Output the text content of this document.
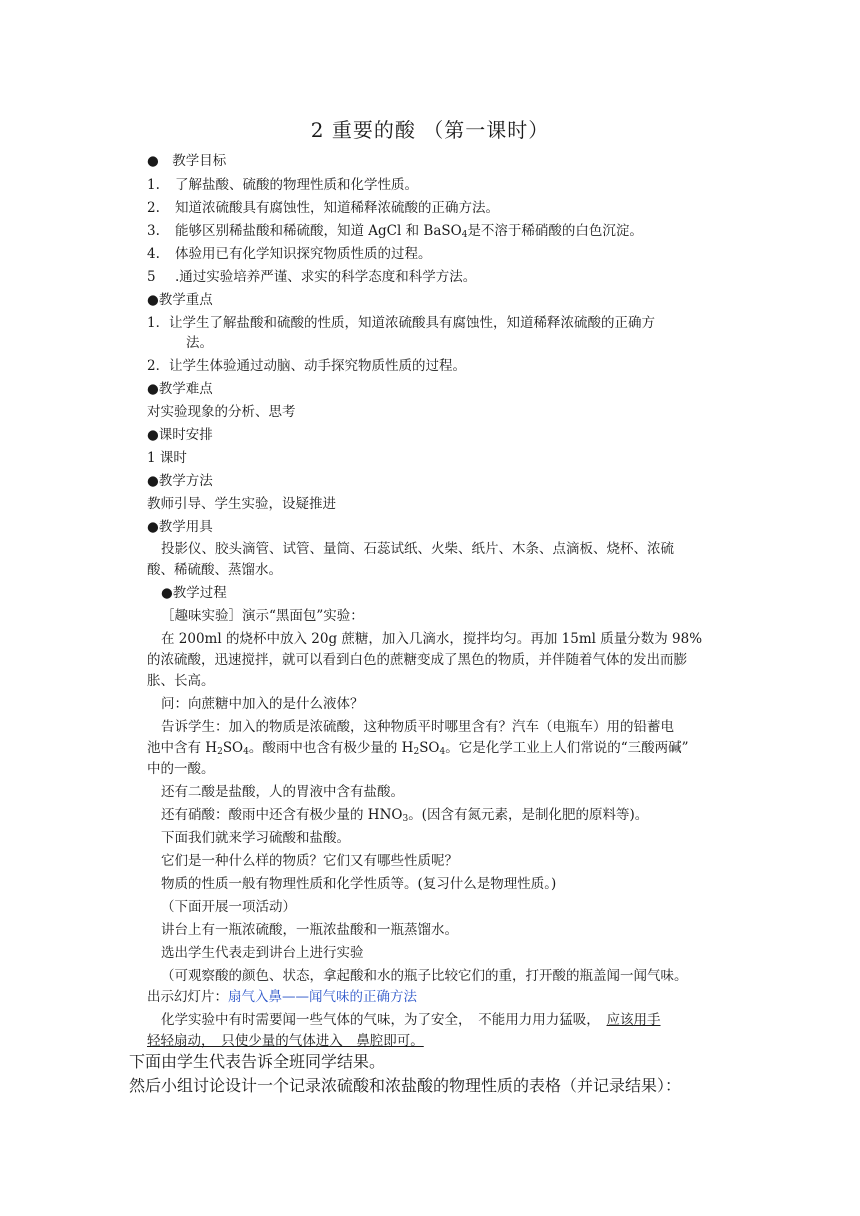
2 重要的酸 （第一课时）
●　教学目标
1. 了解盐酸、硫酸的物理性质和化学性质。
2. 知道浓硫酸具有腐蚀性，知道稀释浓硫酸的正确方法。
3. 能够区别稀盐酸和稀硫酸，知道 AgCl 和 BaSO$_4$是不溶于稀硝酸的白色沉淀。
4. 体验用已有化学知识探究物质性质的过程。
5 .通过实验培养严谨、求实的科学态度和科学方法。
●教学重点
1．让学生了解盐酸和硫酸的性质，知道浓硫酸具有腐蚀性，知道稀释浓硫酸的正确方
法。
2．让学生体验通过动脑、动手探究物质性质的过程。
●教学难点
对实验现象的分析、思考
●课时安排
1 课时
●教学方法
教师引导、学生实验，设疑推进
●教学用具
投影仪、胶头滴管、试管、量筒、石蕊试纸、火柴、纸片、木条、点滴板、烧杯、浓硫
酸、稀硫酸、蒸馏水。
●教学过程
［趣味实验］演示“黑面包”实验：
在 200ml 的烧杯中放入 20g 蔗糖，加入几滴水，搅拌均匀。再加 15ml 质量分数为 98%
的浓硫酸，迅速搅拌，就可以看到白色的蔗糖变成了黑色的物质，并伴随着气体的发出而膨
胀、长高。
问：向蔗糖中加入的是什么液体？
告诉学生：加入的物质是浓硫酸，这种物质平时哪里含有？汽车（电瓶车）用的铅蓄电
池中含有 $H_2SO_4$。酸雨中也含有极少量的 $H_2SO_4$。它是化学工业上人们常说的“三酸两碱”
中的一酸。
还有二酸是盐酸，人的胃液中含有盐酸。
还有硝酸：酸雨中还含有极少量的 $HNO_3$。(因含有氮元素，是制化肥的原料等)。
下面我们就来学习硫酸和盐酸。
它们是一种什么样的物质？它们又有哪些性质呢？
物质的性质一般有物理性质和化学性质等。(复习什么是物理性质。)
（下面开展一项活动）
讲台上有一瓶浓硫酸，一瓶浓盐酸和一瓶蒸馏水。
选出学生代表走到讲台上进行实验
（可观察酸的颜色、状态，拿起酸和水的瓶子比较它们的重，打开酸的瓶盖闻一闻气味。
出示幻灯片：扇气入鼻——闻气味的正确方法
化学实验中有时需要闻一些气体的气味，为了安全，　不能用力用力猛吸，　应该用手
轻轻扇动，　只使少量的气体进入　鼻腔即可。
下面由学生代表告诉全班同学结果。
然后小组讨论设计一个记录浓硫酸和浓盐酸的物理性质的表格（并记录结果）：
